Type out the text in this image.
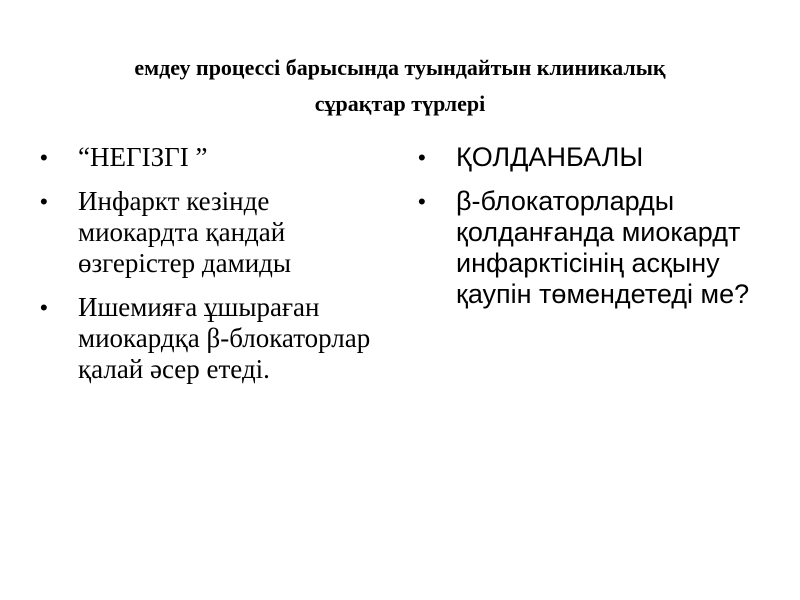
емдеу процессі барысында туындайтын клиникалық
сұрақтар түрлері
•	“НЕГІЗГІ ”
•	Инфаркт кезінде миокардта қандай өзгерістер дамиды
•	Ишемияға ұшыраған миокардқа β-блокаторлар қалай әсер етеді.
•	ҚОЛДАНБАЛЫ
•	β-блокаторларды қолданғанда миокардт инфарктісінің асқыну қаупін төмендетеді ме?
